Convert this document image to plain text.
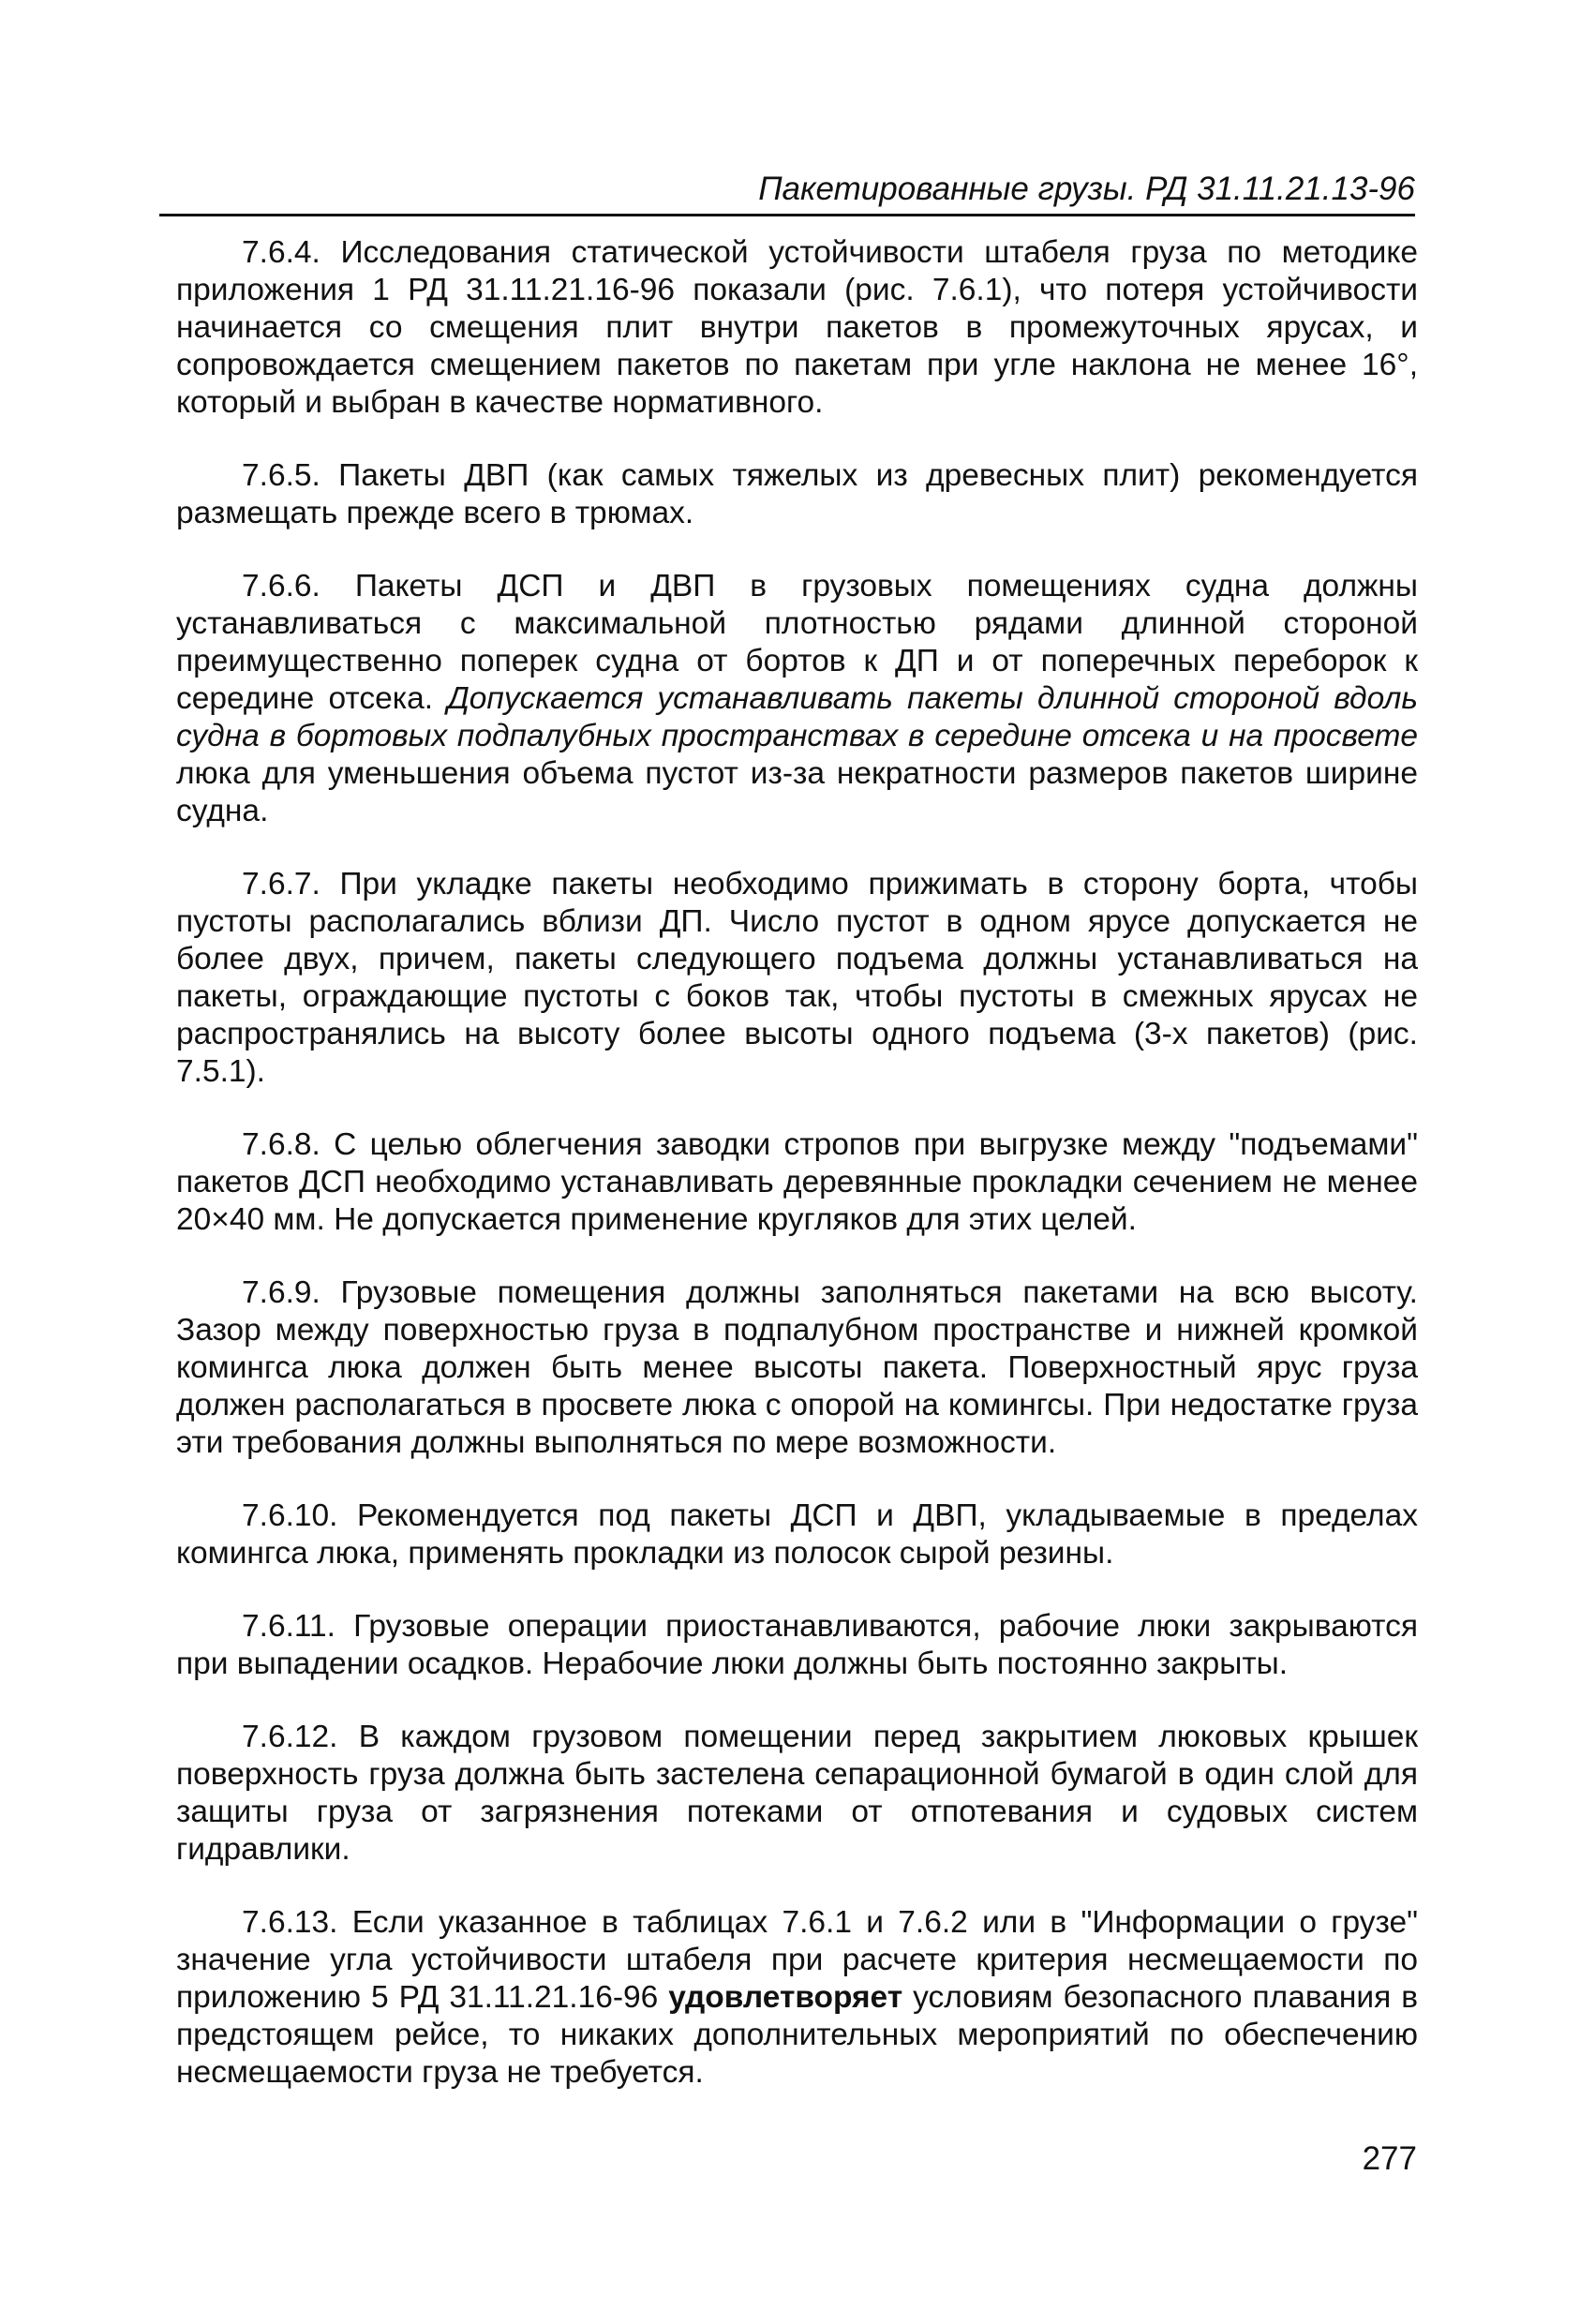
Пакетированные грузы. РД 31.11.21.13-96

7.6.4. Исследования статической устойчивости штабеля груза по методике приложения 1 РД 31.11.21.16-96 показали (рис. 7.6.1), что потеря устойчивости начинается со смещения плит внутри пакетов в промежуточных ярусах, и сопровождается смещением пакетов по пакетам при угле наклона не менее 16°, который и выбран в качестве нормативного.

7.6.5. Пакеты ДВП (как самых тяжелых из древесных плит) рекомендуется размещать прежде всего в трюмах.

7.6.6. Пакеты ДСП и ДВП в грузовых помещениях судна должны устанавливаться с максимальной плотностью рядами длинной стороной преимущественно поперек судна от бортов к ДП и от поперечных переборок к середине отсека. Допускается устанавливать пакеты длинной стороной вдоль судна в бортовых подпалубных пространствах в середине отсека и на просвете люка для уменьшения объема пустот из-за некратности размеров пакетов ширине судна.

7.6.7. При укладке пакеты необходимо прижимать в сторону борта, чтобы пустоты располагались вблизи ДП. Число пустот в одном ярусе допускается не более двух, причем, пакеты следующего подъема должны устанавливаться на пакеты, ограждающие пустоты с боков так, чтобы пустоты в смежных ярусах не распространялись на высоту более высоты одного подъема (3-х пакетов) (рис. 7.5.1).

7.6.8. С целью облегчения заводки стропов при выгрузке между "подъемами" пакетов ДСП необходимо устанавливать деревянные прокладки сечением не менее 20×40 мм. Не допускается применение кругляков для этих целей.

7.6.9. Грузовые помещения должны заполняться пакетами на всю высоту. Зазор между поверхностью груза в подпалубном пространстве и нижней кромкой комингса люка должен быть менее высоты пакета. Поверхностный ярус груза должен располагаться в просвете люка с опорой на комингсы. При недостатке груза эти требования должны выполняться по мере возможности.

7.6.10. Рекомендуется под пакеты ДСП и ДВП, укладываемые в пределах комингса люка, применять прокладки из полосок сырой резины.

7.6.11. Грузовые операции приостанавливаются, рабочие люки закрываются при выпадении осадков. Нерабочие люки должны быть постоянно закрыты.

7.6.12. В каждом грузовом помещении перед закрытием люковых крышек поверхность груза должна быть застелена сепарационной бумагой в один слой для защиты груза от загрязнения потеками от отпотевания и судовых систем гидравлики.

7.6.13. Если указанное в таблицах 7.6.1 и 7.6.2 или в "Информации о грузе" значение угла устойчивости штабеля при расчете критерия несмещаемости по приложению 5 РД 31.11.21.16-96 удовлетворяет условиям безопасного плавания в предстоящем рейсе, то никаких дополнительных мероприятий по обеспечению несмещаемости груза не требуется.

277
